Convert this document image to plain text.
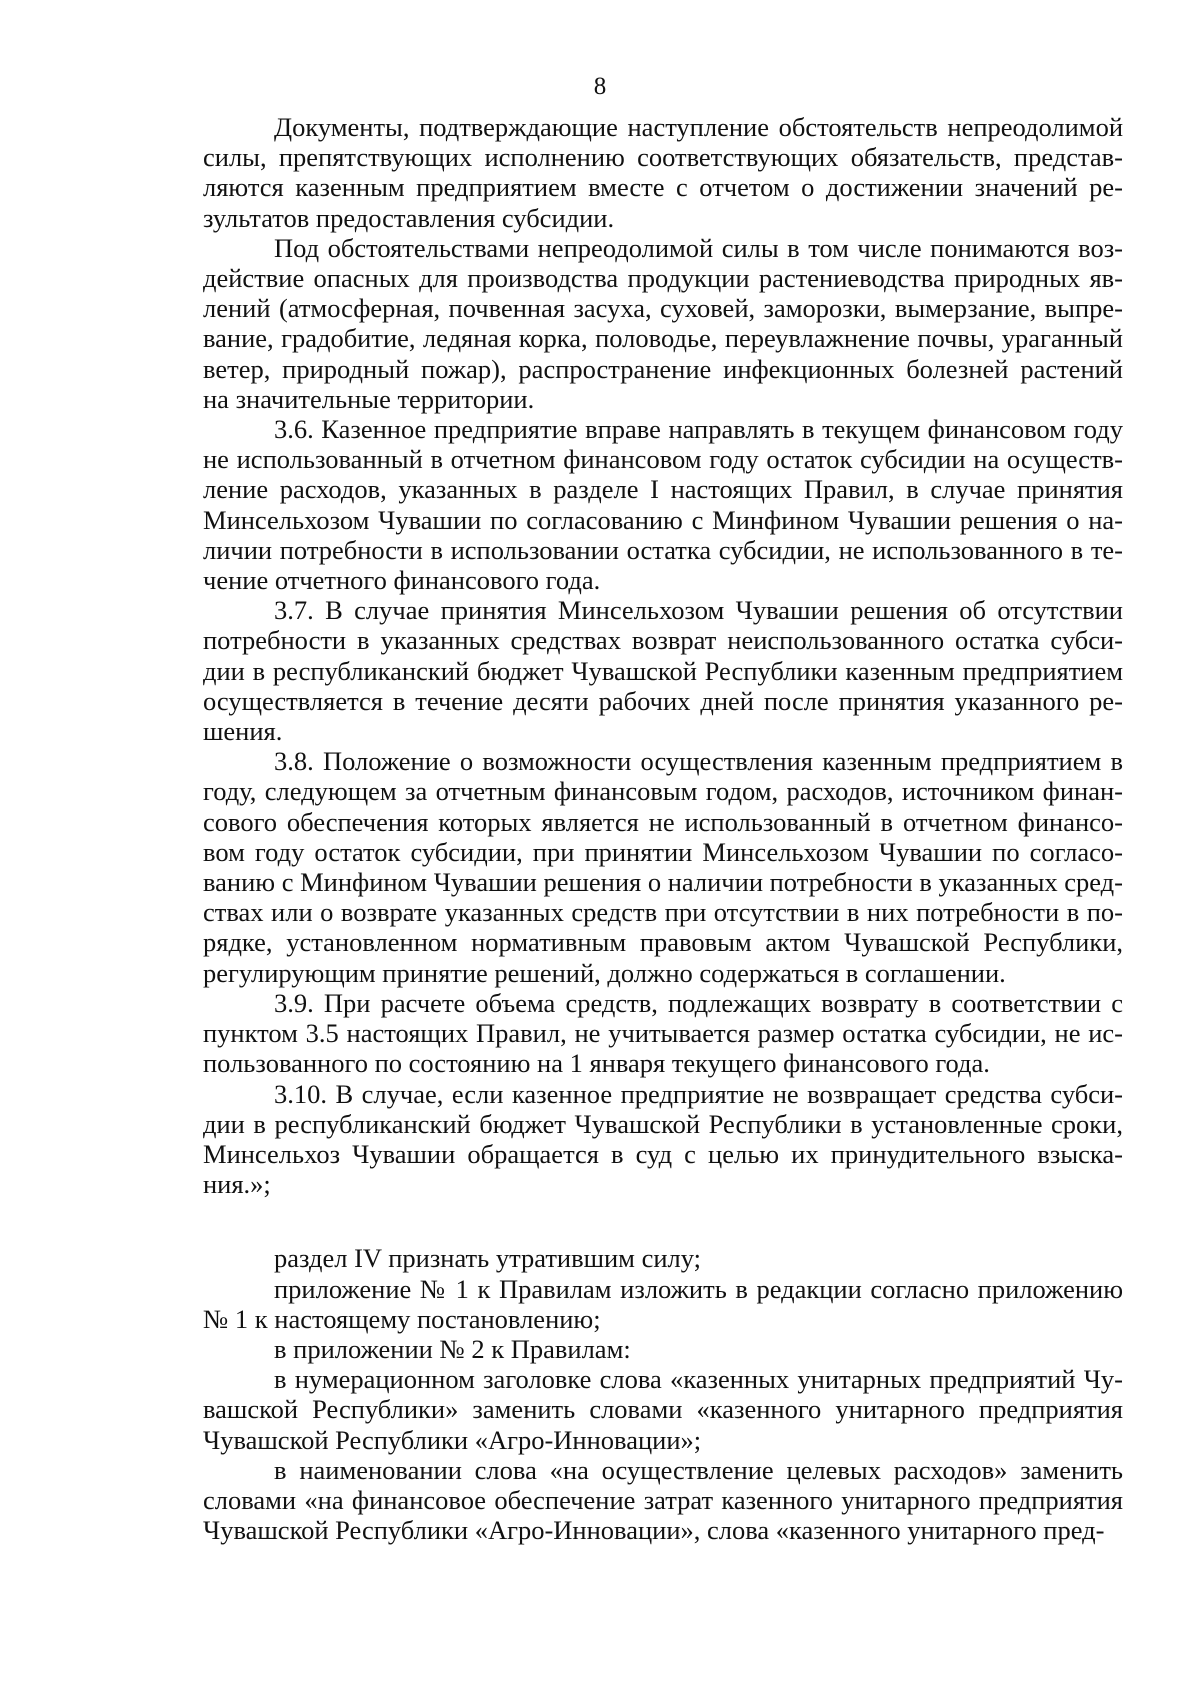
8

Документы, подтверждающие наступление обстоятельств непреодолимой силы, препятствующих исполнению соответствующих обязательств, представляются казенным предприятием вместе с отчетом о достижении значений результатов предоставления субсидии.

Под обстоятельствами непреодолимой силы в том числе понимаются воздействие опасных для производства продукции растениеводства природных явлений (атмосферная, почвенная засуха, суховей, заморозки, вымерзание, выпревание, градобитие, ледяная корка, половодье, переувлажнение почвы, ураганный ветер, природный пожар), распространение инфекционных болезней растений на значительные территории.

3.6. Казенное предприятие вправе направлять в текущем финансовом году не использованный в отчетном финансовом году остаток субсидии на осуществление расходов, указанных в разделе I настоящих Правил, в случае принятия Минсельхозом Чувашии по согласованию с Минфином Чувашии решения о наличии потребности в использовании остатка субсидии, не использованного в течение отчетного финансового года.

3.7. В случае принятия Минсельхозом Чувашии решения об отсутствии потребности в указанных средствах возврат неиспользованного остатка субсидии в республиканский бюджет Чувашской Республики казенным предприятием осуществляется в течение десяти рабочих дней после принятия указанного решения.

3.8. Положение о возможности осуществления казенным предприятием в году, следующем за отчетным финансовым годом, расходов, источником финансового обеспечения которых является не использованный в отчетном финансовом году остаток субсидии, при принятии Минсельхозом Чувашии по согласованию с Минфином Чувашии решения о наличии потребности в указанных средствах или о возврате указанных средств при отсутствии в них потребности в порядке, установленном нормативным правовым актом Чувашской Республики, регулирующим принятие решений, должно содержаться в соглашении.

3.9. При расчете объема средств, подлежащих возврату в соответствии с пунктом 3.5 настоящих Правил, не учитывается размер остатка субсидии, не использованного по состоянию на 1 января текущего финансового года.

3.10. В случае, если казенное предприятие не возвращает средства субсидии в республиканский бюджет Чувашской Республики в установленные сроки, Минсельхоз Чувашии обращается в суд с целью их принудительного взыскания.»;

раздел IV признать утратившим силу;

приложение № 1 к Правилам изложить в редакции согласно приложению № 1 к настоящему постановлению;

в приложении № 2 к Правилам:

в нумерационном заголовке слова «казенных унитарных предприятий Чувашской Республики» заменить словами «казенного унитарного предприятия Чувашской Республики «Агро-Инновации»;

в наименовании слова «на осуществление целевых расходов» заменить словами «на финансовое обеспечение затрат казенного унитарного предприятия Чувашской Республики «Агро-Инновации», слова «казенного унитарного пред-
